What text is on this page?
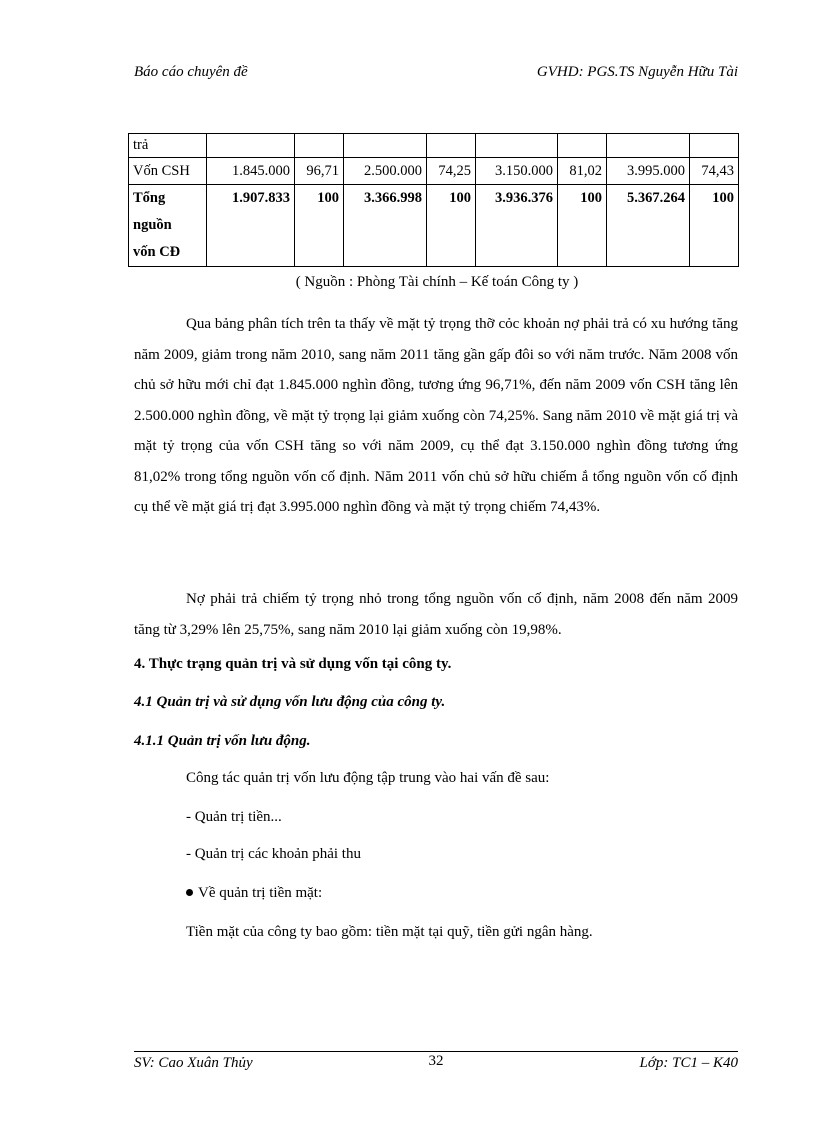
Báo cáo chuyên đề	GVHD: PGS.TS Nguyễn Hữu Tài
trả								
Vốn CSH	1.845.000	96,71	2.500.000	74,25	3.150.000	81,02	3.995.000	74,43

Tổng
nguồn
vốn CĐ	1.907.833	100	3.366.998	100	3.936.376	100	5.367.264	100
( Nguồn : Phòng Tài chính – Kế toán Công ty )

Qua bảng phân tích trên ta thấy về mặt tỷ trọng thỡ cỏc khoản nợ phải trả có xu hướng tăng năm 2009, giảm trong năm 2010, sang năm 2011 tăng gần gấp đôi so với năm trước. Năm 2008 vốn chủ sở hữu mới chỉ đạt 1.845.000 nghìn đồng, tương ứng 96,71%, đến năm 2009 vốn CSH tăng lên 2.500.000 nghìn đồng, về mặt tỷ trọng lại giảm xuống còn 74,25%. Sang năm 2010 về mặt giá trị và mặt tỷ trọng của vốn CSH tăng so với năm 2009, cụ thể đạt 3.150.000 nghìn đồng tương ứng 81,02% trong tổng nguồn vốn cố định. Năm 2011 vốn chủ sở hữu chiếm ắ tổng nguồn vốn cố định cụ thể về mặt giá trị đạt 3.995.000 nghìn đồng và mặt tỷ trọng chiếm 74,43%.

Nợ phải trả chiếm tỷ trọng nhỏ trong tổng nguồn vốn cố định, năm 2008 đến năm 2009 tăng từ 3,29% lên 25,75%, sang năm 2010 lại giảm xuống còn 19,98%.

4. Thực trạng quản trị và sử dụng vốn tại công ty.

4.1 Quản trị và sử dụng vốn lưu động của công ty.

4.1.1 Quản trị vốn lưu động.

Công tác quản trị vốn lưu động tập trung vào hai vấn đề sau:

- Quản trị tiền...

- Quản trị các khoản phải thu

Về quản trị tiền mặt:

Tiền mặt của công ty bao gồm: tiền mặt tại quỹ, tiền gửi ngân hàng.

SV: Cao Xuân Thủy	32	Lớp: TC1 – K40
